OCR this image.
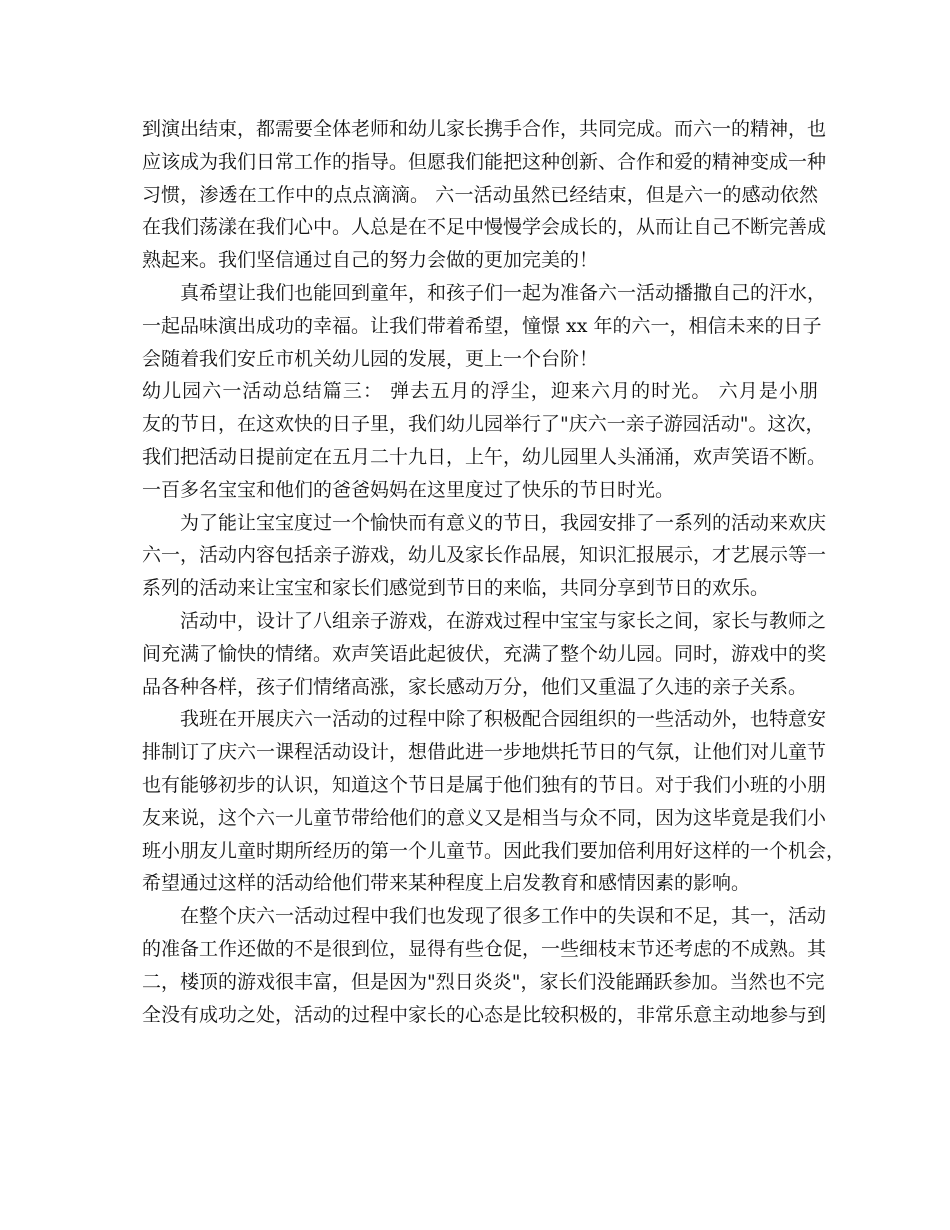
到演出结束，都需要全体老师和幼儿家长携手合作，共同完成。而六一的精神，也
应该成为我们日常工作的指导。但愿我们能把这种创新、合作和爱的精神变成一种
习惯，渗透在工作中的点点滴滴。 六一活动虽然已经结束，但是六一的感动依然
在我们荡漾在我们心中。人总是在不足中慢慢学会成长的，从而让自己不断完善成
熟起来。我们坚信通过自己的努力会做的更加完美的！
真希望让我们也能回到童年，和孩子们一起为准备六一活动播撒自己的汗水，
一起品味演出成功的幸福。让我们带着希望，憧憬 xx 年的六一，相信未来的日子
会随着我们安丘市机关幼儿园的发展，更上一个台阶！
幼儿园六一活动总结篇三： 弹去五月的浮尘，迎来六月的时光。 六月是小朋
友的节日，在这欢快的日子里，我们幼儿园举行了"庆六一亲子游园活动"。这次，
我们把活动日提前定在五月二十九日，上午，幼儿园里人头涌涌，欢声笑语不断。
一百多名宝宝和他们的爸爸妈妈在这里度过了快乐的节日时光。
为了能让宝宝度过一个愉快而有意义的节日，我园安排了一系列的活动来欢庆
六一，活动内容包括亲子游戏，幼儿及家长作品展，知识汇报展示，才艺展示等一
系列的活动来让宝宝和家长们感觉到节日的来临，共同分享到节日的欢乐。
活动中，设计了八组亲子游戏，在游戏过程中宝宝与家长之间，家长与教师之
间充满了愉快的情绪。欢声笑语此起彼伏，充满了整个幼儿园。同时，游戏中的奖
品各种各样，孩子们情绪高涨，家长感动万分，他们又重温了久违的亲子关系。
我班在开展庆六一活动的过程中除了积极配合园组织的一些活动外，也特意安
排制订了庆六一课程活动设计，想借此进一步地烘托节日的气氛，让他们对儿童节
也有能够初步的认识，知道这个节日是属于他们独有的节日。对于我们小班的小朋
友来说，这个六一儿童节带给他们的意义又是相当与众不同，因为这毕竟是我们小
班小朋友儿童时期所经历的第一个儿童节。因此我们要加倍利用好这样的一个机会，
希望通过这样的活动给他们带来某种程度上启发教育和感情因素的影响。
在整个庆六一活动过程中我们也发现了很多工作中的失误和不足，其一，活动
的准备工作还做的不是很到位，显得有些仓促，一些细枝末节还考虑的不成熟。其
二，楼顶的游戏很丰富，但是因为"烈日炎炎"，家长们没能踊跃参加。当然也不完
全没有成功之处，活动的过程中家长的心态是比较积极的，非常乐意主动地参与到
